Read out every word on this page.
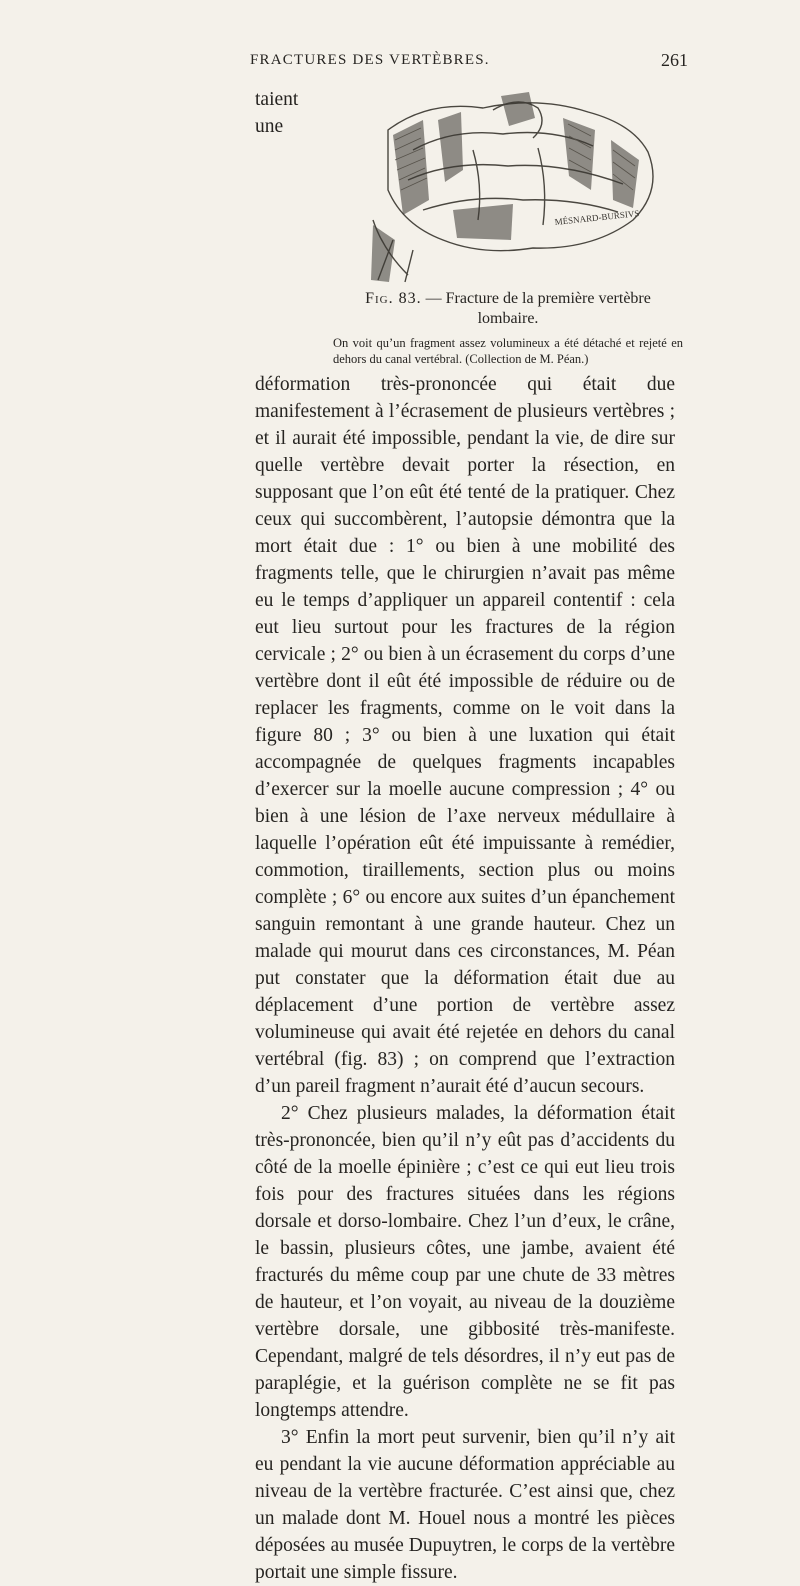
FRACTURES DES VERTÈBRES.	261
MÉSNARD-BURSIVS
Fig. 83. — Fracture de la première vertèbre lombaire.
On voit qu’un fragment assez volumineux a été détaché et rejeté en dehors du canal vertébral. (Collection de M. Péan.)

taient une déformation très-prononcée qui était due manifestement à l’écrasement de plusieurs vertèbres ; et il aurait été impossible, pendant la vie, de dire sur quelle vertèbre devait porter la résection, en supposant que l’on eût été tenté de la pratiquer. Chez ceux qui succombèrent, l’autopsie démontra que la mort était due : 1° ou bien à une mobilité des fragments telle, que le chirurgien n’avait pas même eu le temps d’appliquer un appareil contentif : cela eut lieu surtout pour les fractures de la région cervicale ; 2° ou bien à un écrasement du corps d’une vertèbre dont il eût été impossible de réduire ou de replacer les fragments, comme on le voit dans la figure 80 ; 3° ou bien à une luxation qui était accompagnée de quelques fragments incapables d’exercer sur la moelle aucune compression ; 4° ou bien à une lésion de l’axe nerveux médullaire à laquelle l’opération eût été impuissante à remédier, commotion, tiraillements, section plus ou moins complète ; 6° ou encore aux suites d’un épanchement sanguin remontant à une grande hauteur. Chez un malade qui mourut dans ces circonstances, M. Péan put constater que la déformation était due au déplacement d’une portion de vertèbre assez volumineuse qui avait été rejetée en dehors du canal vertébral (fig. 83) ; on comprend que l’extraction d’un pareil fragment n’aurait été d’aucun secours.

2° Chez plusieurs malades, la déformation était très-prononcée, bien qu’il n’y eût pas d’accidents du côté de la moelle épinière ; c’est ce qui eut lieu trois fois pour des fractures situées dans les régions dorsale et dorso-lombaire. Chez l’un d’eux, le crâne, le bassin, plusieurs côtes, une jambe, avaient été fracturés du même coup par une chute de 33 mètres de hauteur, et l’on voyait, au niveau de la douzième vertèbre dorsale, une gibbosité très-manifeste. Cependant, malgré de tels désordres, il n’y eut pas de paraplégie, et la guérison complète ne se fit pas longtemps attendre.

3° Enfin la mort peut survenir, bien qu’il n’y ait eu pendant la vie aucune déformation appréciable au niveau de la vertèbre fracturée. C’est ainsi que, chez un malade dont M. Houel nous a montré les pièces déposées au musée Dupuytren, le corps de la vertèbre portait une simple fissure.
